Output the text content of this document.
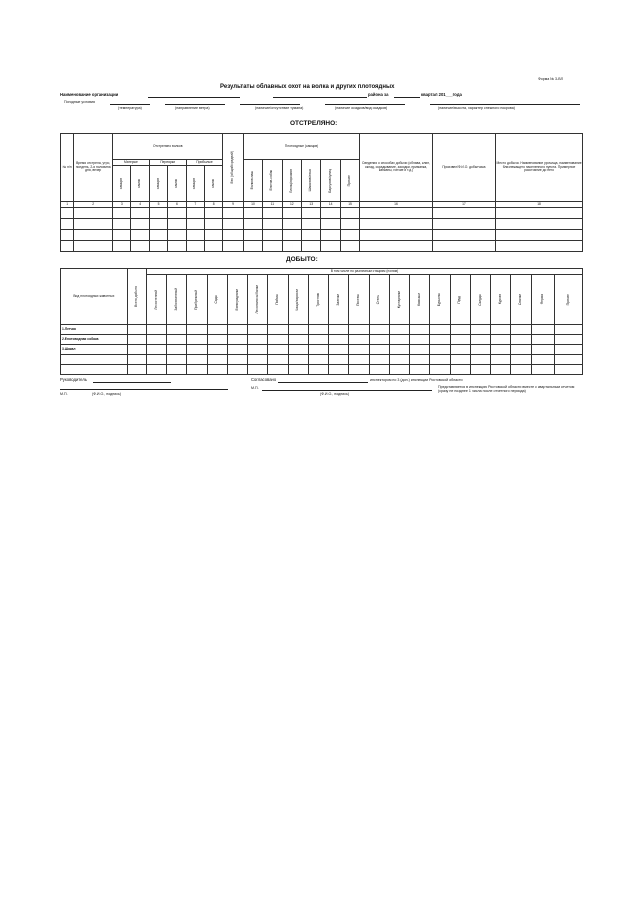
Форма № 3-ВЛ
Результаты облавных охот на волка и других плотоядных
Наименование организации	района за	квартал 201___года
Погодные условия
(температура)	(направление ветра)	(наличие/отсутствие тумана)	(наличие осадков/вид осадков)	(наличие/высота, характер снежного покрова)
ОТСТРЕЛЯНО:
№ п/п	Время отстрела, утро, полдень, 2-я половина дня, вечер	Отстреляно волков						Вес (общий/средний)	Плотоядные (самцов)						Сведения о способах добычи (облава, клин, оклад, скрадывание, засидки, приманка, капканы, гончие и т.д.)	Произвел/Ф.И.О. добытчика	Место добычи. Наименование урочища, наименование близлежащего населенного пункта. Примерное расстояние до него
		Матерые		Переярки		Прибылые			Волков-наш	Енотов-собак	Лисиц/корсаков	Шакалов/иных	Барсуков/куниц	Прочие			

		самцов	самок	самцов	самок	самцов	самок										

1	2	3	4	5	6	7	8	9	10	11	12	13	14	15	16	17	18

ДОБЫТО:
Вид плотоядных животных	Всего добыто	В том числе по различным стациям (полям)																				

		Лесостепной	Заболоченный	Прибрежный	Сады	Виноградники	Лесополосы/балки	Поймы	Чащи/заросли	Тростник	Залежи	Посевы	Степь	Кустарники	Камыши	Бурьяны	Пруд	Скирды	Курган	Свалки	Ферма	Прочие

1.Летчик																						
2.Енотовидная собака																						
3.Шакал																						

Руководитель
М.П.	(Ф.И.О., подпись)
Согласовано	инспектором по 3 (доп.) инспекции Ростовской области
М.П.
(Ф.И.О., подпись)
Представляется в инспекцию Ростовской области вместе с квартальным отчетом (сразу не позднее 1 числа после отчетного периода)
